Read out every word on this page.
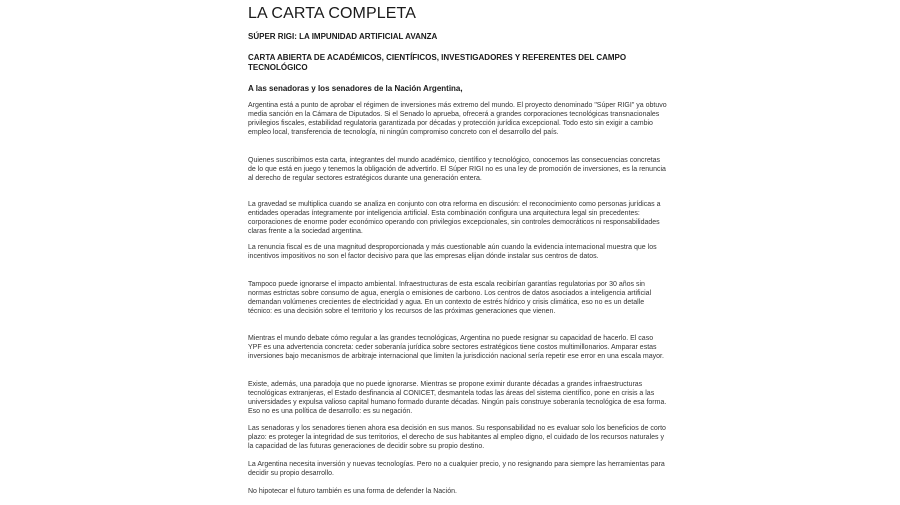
LA CARTA COMPLETA

SÚPER RIGI: LA IMPUNIDAD ARTIFICIAL AVANZA

CARTA ABIERTA DE ACADÉMICOS, CIENTÍFICOS, INVESTIGADORES Y REFERENTES DEL CAMPO TECNOLÓGICO

A las senadoras y los senadores de la Nación Argentina,

Argentina está a punto de aprobar el régimen de inversiones más extremo del mundo. El proyecto denominado "Súper RIGI" ya obtuvo media sanción en la Cámara de Diputados. Si el Senado lo aprueba, ofrecerá a grandes corporaciones tecnológicas transnacionales privilegios fiscales, estabilidad regulatoria garantizada por décadas y protección jurídica excepcional. Todo esto sin exigir a cambio empleo local, transferencia de tecnología, ni ningún compromiso concreto con el desarrollo del país.

Quienes suscribimos esta carta, integrantes del mundo académico, científico y tecnológico, conocemos las consecuencias concretas de lo que está en juego y tenemos la obligación de advertirlo. El Súper RIGI no es una ley de promoción de inversiones, es la renuncia al derecho de regular sectores estratégicos durante una generación entera.

La gravedad se multiplica cuando se analiza en conjunto con otra reforma en discusión: el reconocimiento como personas jurídicas a entidades operadas íntegramente por inteligencia artificial. Esta combinación configura una arquitectura legal sin precedentes: corporaciones de enorme poder económico operando con privilegios excepcionales, sin controles democráticos ni responsabilidades claras frente a la sociedad argentina.

La renuncia fiscal es de una magnitud desproporcionada y más cuestionable aún cuando la evidencia internacional muestra que los incentivos impositivos no son el factor decisivo para que las empresas elijan dónde instalar sus centros de datos.

Tampoco puede ignorarse el impacto ambiental. Infraestructuras de esta escala recibirían garantías regulatorias por 30 años sin normas estrictas sobre consumo de agua, energía o emisiones de carbono. Los centros de datos asociados a inteligencia artificial demandan volúmenes crecientes de electricidad y agua. En un contexto de estrés hídrico y crisis climática, eso no es un detalle técnico: es una decisión sobre el territorio y los recursos de las próximas generaciones que vienen.

Mientras el mundo debate cómo regular a las grandes tecnológicas, Argentina no puede resignar su capacidad de hacerlo. El caso YPF es una advertencia concreta: ceder soberanía jurídica sobre sectores estratégicos tiene costos multimillonarios. Amparar estas inversiones bajo mecanismos de arbitraje internacional que limiten la jurisdicción nacional sería repetir ese error en una escala mayor.

Existe, además, una paradoja que no puede ignorarse. Mientras se propone eximir durante décadas a grandes infraestructuras tecnológicas extranjeras, el Estado desfinancia al CONICET, desmantela todas las áreas del sistema científico, pone en crisis a las universidades y expulsa valioso capital humano formado durante décadas. Ningún país construye soberanía tecnológica de esa forma. Eso no es una política de desarrollo: es su negación.

Las senadoras y los senadores tienen ahora esa decisión en sus manos. Su responsabilidad no es evaluar solo los beneficios de corto plazo: es proteger la integridad de sus territorios, el derecho de sus habitantes al empleo digno, el cuidado de los recursos naturales y la capacidad de las futuras generaciones de decidir sobre su propio destino.

La Argentina necesita inversión y nuevas tecnologías. Pero no a cualquier precio, y no resignando para siempre las herramientas para decidir su propio desarrollo.

No hipotecar el futuro también es una forma de defender la Nación.
